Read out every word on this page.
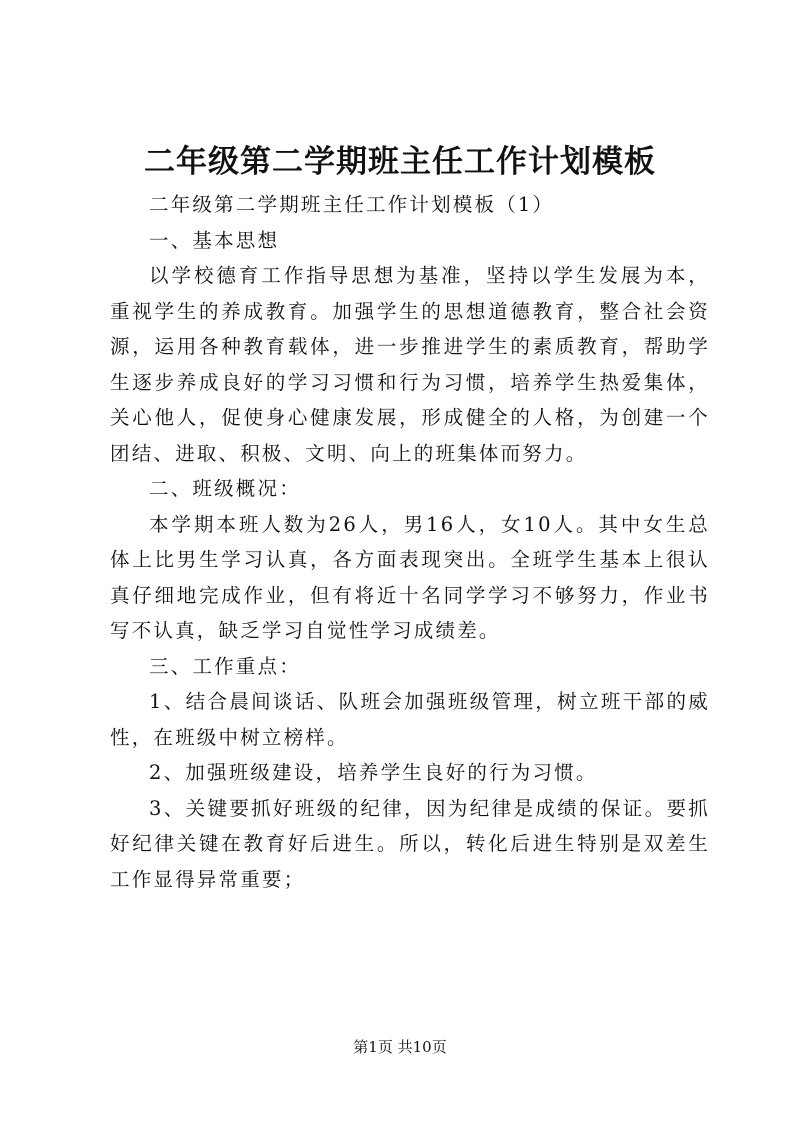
二年级第二学期班主任工作计划模板

二年级第二学期班主任工作计划模板（1）

一、基本思想

以学校德育工作指导思想为基准，坚持以学生发展为本，重视学生的养成教育。加强学生的思想道德教育，整合社会资源，运用各种教育载体，进一步推进学生的素质教育，帮助学生逐步养成良好的学习习惯和行为习惯，培养学生热爱集体，关心他人，促使身心健康发展，形成健全的人格，为创建一个团结、进取、积极、文明、向上的班集体而努力。

二、班级概况：

本学期本班人数为26人，男16人，女10人。其中女生总体上比男生学习认真，各方面表现突出。全班学生基本上很认真仔细地完成作业，但有将近十名同学学习不够努力，作业书写不认真，缺乏学习自觉性学习成绩差。

三、工作重点：

1、结合晨间谈话、队班会加强班级管理，树立班干部的威性，在班级中树立榜样。

2、加强班级建设，培养学生良好的行为习惯。

3、关键要抓好班级的纪律，因为纪律是成绩的保证。要抓好纪律关键在教育好后进生。所以，转化后进生特别是双差生工作显得异常重要；

第1页 共10页
